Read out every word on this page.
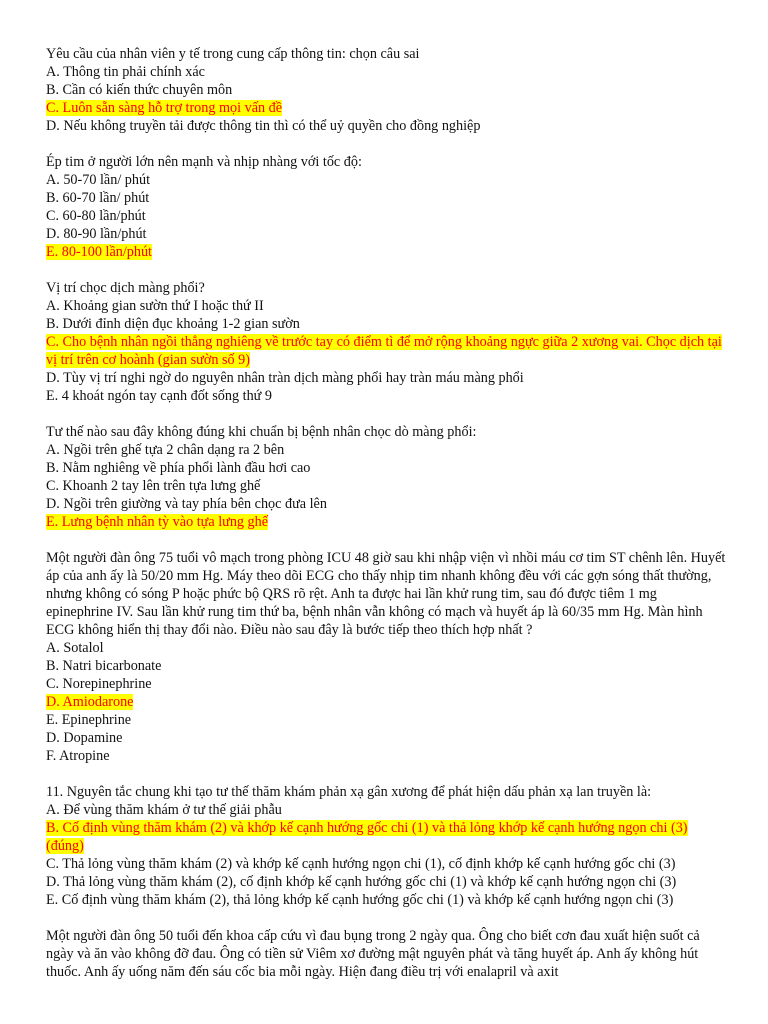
Yêu cầu của nhân viên y tế trong cung cấp thông tin: chọn câu sai
A. Thông tin phải chính xác
B. Cần có kiến thức chuyên môn
C. Luôn sẵn sàng hỗ trợ trong mọi vấn đề
D. Nếu không truyền tải được thông tin thì có thể uỷ quyền cho đồng nghiệp
Ép tim ở người lớn nên mạnh và nhịp nhàng với tốc độ:
A. 50-70 lần/ phút
B. 60-70 lần/ phút
C. 60-80 lần/phút
D. 80-90 lần/phút
E. 80-100 lần/phút
Vị trí chọc dịch màng phổi?
A. Khoảng gian sườn thứ I hoặc thứ II
B. Dưới đỉnh diện đục khoảng 1-2 gian sườn
C. Cho bệnh nhân ngồi thẳng nghiêng về trước tay có điểm tì để mở rộng khoảng ngực giữa 2 xương vai. Chọc dịch tại vị trí trên cơ hoành (gian sườn số 9)
D. Tùy vị trí nghi ngờ do nguyên nhân tràn dịch màng phổi hay tràn máu màng phổi
E. 4 khoát ngón tay cạnh đốt sống thứ 9
Tư thế nào sau đây không đúng khi chuẩn bị bệnh nhân chọc dò màng phổi:
A. Ngồi trên ghế tựa 2 chân dạng ra 2 bên
B. Nằm nghiêng về phía phổi lành đầu hơi cao
C. Khoanh 2 tay lên trên tựa lưng ghế
D. Ngồi trên giường và tay phía bên chọc đưa lên
E. Lưng bệnh nhân tỳ vào tựa lưng ghế
Một người đàn ông 75 tuổi vô mạch trong phòng ICU 48 giờ sau khi nhập viện vì nhồi máu cơ tim ST chênh lên. Huyết áp của anh ấy là 50/20 mm Hg. Máy theo dõi ECG cho thấy nhịp tim nhanh không đều với các gợn sóng thất thường, nhưng không có sóng P hoặc phức bộ QRS rõ rệt. Anh ta được hai lần khử rung tim, sau đó được tiêm 1 mg epinephrine IV. Sau lần khử rung tim thứ ba, bệnh nhân vẫn không có mạch và huyết áp là 60/35 mm Hg. Màn hình ECG không hiển thị thay đổi nào. Điều nào sau đây là bước tiếp theo thích hợp nhất ?
A. Sotalol
B. Natri bicarbonate
C. Norepinephrine
D. Amiodarone
E. Epinephrine
D. Dopamine
F. Atropine
11. Nguyên tắc chung khi tạo tư thế thăm khám phản xạ gân xương để phát hiện dấu phản xạ lan truyền là:
A. Để vùng thăm khám ở tư thế giải phẫu
B. Cố định vùng thăm khám (2) và khớp kế cạnh hướng gốc chi (1) và thả lỏng khớp kế cạnh hướng ngọn chi (3) (đúng)
C. Thả lỏng vùng thăm khám (2) và khớp kế cạnh hướng ngọn chi (1), cố định khớp kế cạnh hướng gốc chi (3)
D. Thả lỏng vùng thăm khám (2), cố định khớp kế cạnh hướng gốc chi (1) và khớp kế cạnh hướng ngọn chi (3)
E. Cố định vùng thăm khám (2), thả lỏng khớp kế cạnh hướng gốc chi (1) và khớp kế cạnh hướng ngọn chi (3)
Một người đàn ông 50 tuổi đến khoa cấp cứu vì đau bụng trong 2 ngày qua. Ông cho biết cơn đau xuất hiện suốt cả ngày và ăn vào không đỡ đau. Ông có tiền sử Viêm xơ đường mật nguyên phát và tăng huyết áp. Anh ấy không hút thuốc. Anh ấy uống năm đến sáu cốc bia mỗi ngày. Hiện đang điều trị với enalapril và axit
